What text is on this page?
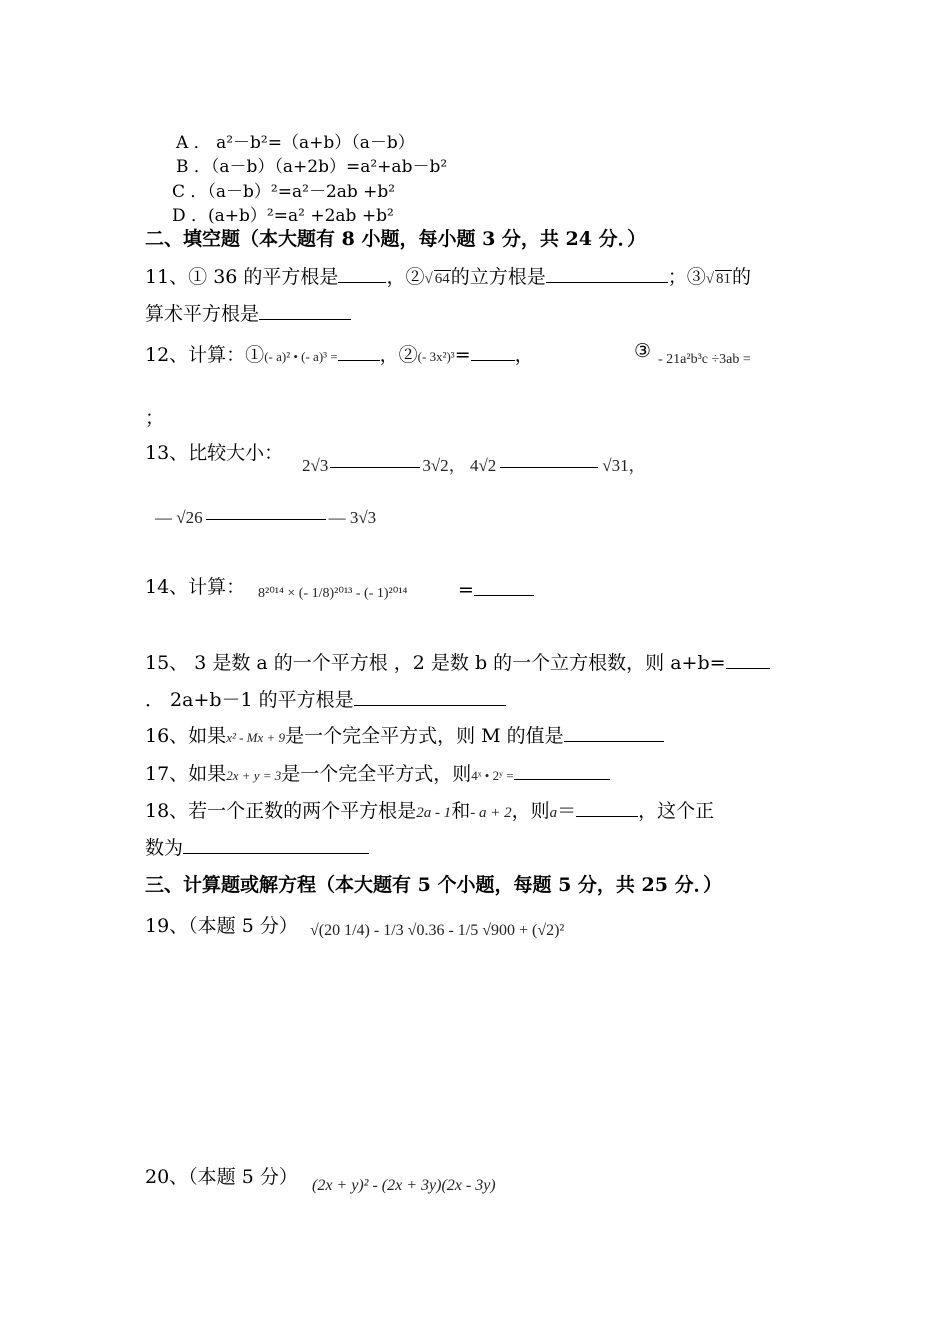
A ． a²－b²=（a+b）（a－b）
B ．（a－b）（a+2b）=a²+ab－b²
C ．（a－b）²=a²－2ab +b²
D ．(a+b）²=a² +2ab +b²
二、填空题（本大题有 8 小题，每小题 3 分，共 24 分．）
11、① 36 的平方根是	，②√ 64的立方根是	；③√ 81的
算术平方根是
12、计算：①(- a)² • (- a)³ = ，②(- 3x²)³= ，	③ - 21a²b³c ÷3ab =
；
13、比较大小：
2√3	3√2， 4√2	√31，
— √26	— 3√3
14、计算： 8²⁰¹⁴ × (- 1/8)²⁰¹³ - (- 1)²⁰¹⁴	=
15、 3 是数 a 的一个平方根 ，2 是数 b 的一个立方根数，则 a+b=
． 2a+b－1 的平方根是
16、如果x² - Mx + 9是一个完全平方式，则 M 的值是
17、如果2x + y = 3是一个完全平方式，则4ˣ • 2ʸ =
18、若一个正数的两个平方根是2a - 1和- a + 2，则a＝	，这个正
数为
三、计算题或解方程（本大题有 5 个小题，每题 5 分，共 25 分．）
19、（本题 5 分） √(20 1/4) - 1/3 √0.36 - 1/5 √900 + (√2)²
20、（本题 5 分） (2x + y)² - (2x + 3y)(2x - 3y)
